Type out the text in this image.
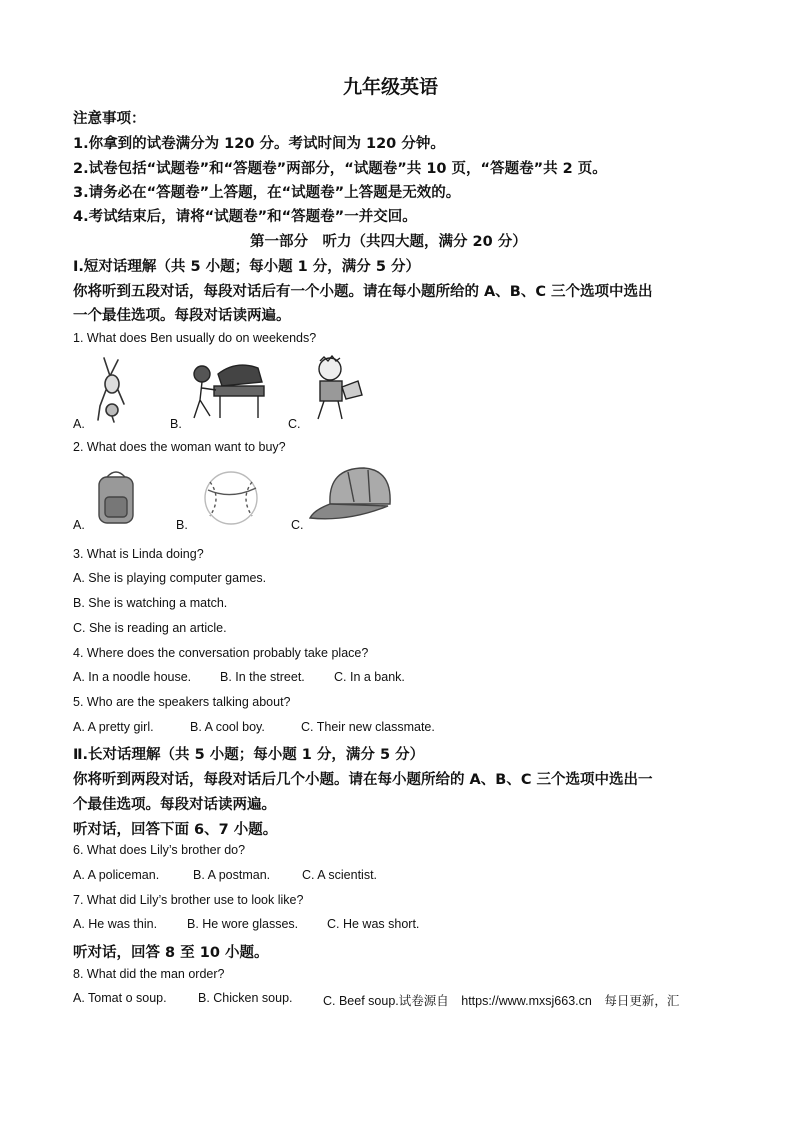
九年级英语
注意事项：
1.你拿到的试卷满分为 120 分。考试时间为 120 分钟。
2.试卷包括“试题卷”和“答题卷”两部分，“试题卷”共 10 页，“答题卷”共 2 页。
3.请务必在“答题卷”上答题，在“试题卷”上答题是无效的。
4.考试结束后，请将“试题卷”和“答题卷”一并交回。
第一部分　听力（共四大题，满分 20 分）
I.短对话理解（共 5 小题；每小题 1 分，满分 5 分）
你将听到五段对话，每段对话后有一个小题。请在每小题所给的 A、B、C 三个选项中选出
一个最佳选项。每段对话读两遍。
1. What does Ben usually do on weekends?
A.	B.	C.
2. What does the woman want to buy?
A.	B.	C.
3. What is Linda doing?
A. She is playing computer games.
B. She is watching a match.
C. She is reading an article.
4. Where does the conversation probably take place?
A. In a noodle house. B. In the street. C. In a bank.
5. Who are the speakers talking about?
A. A pretty girl.	B. A cool boy.	C. Their new classmate.
Ⅱ.长对话理解（共 5 小题；每小题 1 分，满分 5 分）
你将听到两段对话，每段对话后几个小题。请在每小题所给的 A、B、C 三个选项中选出一
个最佳选项。每段对话读两遍。
听对话，回答下面 6、7 小题。
6. What does Lily’s brother do?
A. A policeman.	B. A postman.	C. A scientist.
7. What did Lily’s brother use to look like?
A. He was thin. B. He wore glasses. C. He was short.
听对话，回答 8 至 10 小题。
8. What did the man order?
A. Tomat o soup.	B. Chicken soup. C. Beef soup.试卷源自　https://www.mxsj663.cn　每日更新，汇
